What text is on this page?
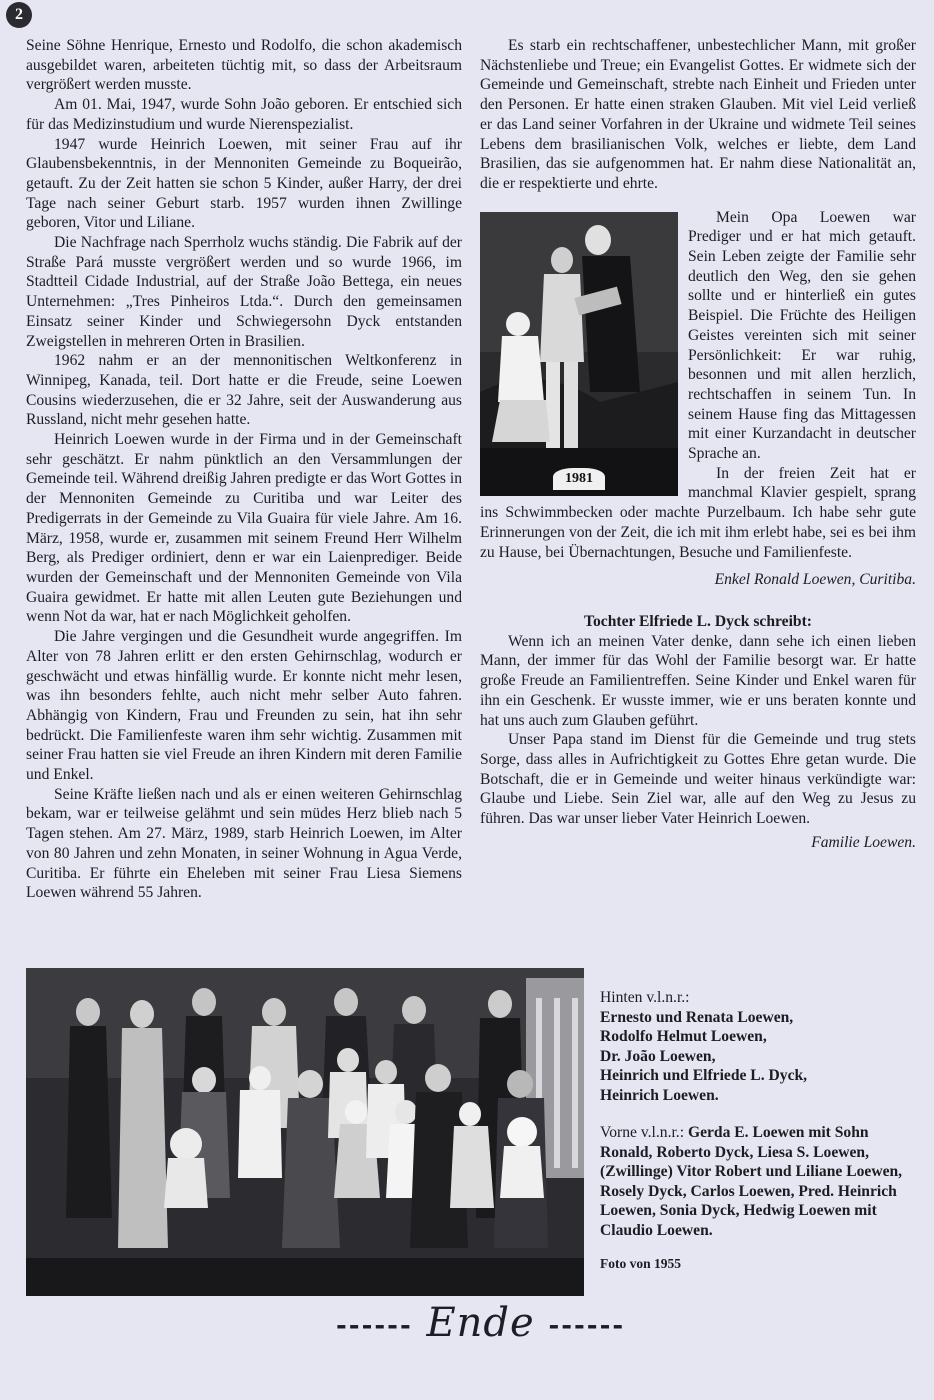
2

Seine Söhne Henrique, Ernesto und Rodolfo, die schon akademisch ausgebildet waren, arbeiteten tüchtig mit, so dass der Arbeitsraum vergrößert werden musste.

Am 01. Mai, 1947, wurde Sohn João geboren. Er entschied sich für das Medizinstudium und wurde Nierenspezialist.

1947 wurde Heinrich Loewen, mit seiner Frau auf ihr Glaubensbekenntnis, in der Mennoniten Gemeinde zu Boqueirão, getauft. Zu der Zeit hatten sie schon 5 Kinder, außer Harry, der drei Tage nach seiner Geburt starb. 1957 wurden ihnen Zwillinge geboren, Vitor und Liliane.

Die Nachfrage nach Sperrholz wuchs ständig. Die Fabrik auf der Straße Pará musste vergrößert werden und so wurde 1966, im Stadtteil Cidade Industrial, auf der Straße João Bettega, ein neues Unternehmen: „Tres Pinheiros Ltda.“. Durch den gemeinsamen Einsatz seiner Kinder und Schwiegersohn Dyck entstanden Zweigstellen in mehreren Orten in Brasilien.

1962 nahm er an der mennonitischen Weltkonferenz in Winnipeg, Kanada, teil. Dort hatte er die Freude, seine Loewen Cousins wiederzusehen, die er 32 Jahre, seit der Auswanderung aus Russland, nicht mehr gesehen hatte.

Heinrich Loewen wurde in der Firma und in der Gemeinschaft sehr geschätzt. Er nahm pünktlich an den Versammlungen der Gemeinde teil. Während dreißig Jahren predigte er das Wort Gottes in der Mennoniten Gemeinde zu Curitiba und war Leiter des Predigerrats in der Gemeinde zu Vila Guaira für viele Jahre. Am 16. März, 1958, wurde er, zusammen mit seinem Freund Herr Wilhelm Berg, als Prediger ordiniert, denn er war ein Laienprediger. Beide wurden der Gemeinschaft und der Mennoniten Gemeinde von Vila Guaira gewidmet. Er hatte mit allen Leuten gute Beziehungen und wenn Not da war, hat er nach Möglichkeit geholfen.

Die Jahre vergingen und die Gesundheit wurde angegriffen. Im Alter von 78 Jahren erlitt er den ersten Gehirnschlag, wodurch er geschwächt und etwas hinfällig wurde. Er konnte nicht mehr lesen, was ihn besonders fehlte, auch nicht mehr selber Auto fahren. Abhängig von Kindern, Frau und Freunden zu sein, hat ihn sehr bedrückt. Die Familienfeste waren ihm sehr wichtig. Zusammen mit seiner Frau hatten sie viel Freude an ihren Kindern mit deren Familie und Enkel.

Seine Kräfte ließen nach und als er einen weiteren Gehirnschlag bekam, war er teilweise gelähmt und sein müdes Herz blieb nach 5 Tagen stehen. Am 27. März, 1989, starb Heinrich Loewen, im Alter von 80 Jahren und zehn Monaten, in seiner Wohnung in Agua Verde, Curitiba. Er führte ein Eheleben mit seiner Frau Liesa Siemens Loewen während 55 Jahren.

Es starb ein rechtschaffener, unbestechlicher Mann, mit großer Nächstenliebe und Treue; ein Evangelist Gottes. Er widmete sich der Gemeinde und Gemeinschaft, strebte nach Einheit und Frieden unter den Personen. Er hatte einen straken Glauben. Mit viel Leid verließ er das Land seiner Vorfahren in der Ukraine und widmete Teil seines Lebens dem brasilianischen Volk, welches er liebte, dem Land Brasilien, das sie aufgenommen hat. Er nahm diese Nationalität an, die er respektierte und ehrte.

1981

Mein Opa Loewen war Prediger und er hat mich getauft. Sein Leben zeigte der Familie sehr deutlich den Weg, den sie gehen sollte und er hinterließ ein gutes Beispiel. Die Früchte des Heiligen Geistes vereinten sich mit seiner Persönlichkeit: Er war ruhig, besonnen und mit allen herzlich, rechtschaffen in seinem Tun. In seinem Hause fing das Mittagessen mit einer Kurzandacht in deutscher Sprache an.

In der freien Zeit hat er manchmal Klavier gespielt, sprang ins Schwimmbecken oder machte Purzelbaum. Ich habe sehr gute Erinnerungen von der Zeit, die ich mit ihm erlebt habe, sei es bei ihm zu Hause, bei Übernachtungen, Besuche und Familienfeste.

Enkel Ronald Loewen, Curitiba.

Tochter Elfriede L. Dyck schreibt:

Wenn ich an meinen Vater denke, dann sehe ich einen lieben Mann, der immer für das Wohl der Familie besorgt war. Er hatte große Freude an Familientreffen. Seine Kinder und Enkel waren für ihn ein Geschenk. Er wusste immer, wie er uns beraten konnte und hat uns auch zum Glauben geführt.

Unser Papa stand im Dienst für die Gemeinde und trug stets Sorge, dass alles in Aufrichtigkeit zu Gottes Ehre getan wurde. Die Botschaft, die er in Gemeinde und weiter hinaus verkündigte war: Glaube und Liebe. Sein Ziel war, alle auf den Weg zu Jesus zu führen. Das war unser lieber Vater Heinrich Loewen.

Familie Loewen.

Hinten v.l.n.r.:
Ernesto und Renata Loewen,
Rodolfo Helmut Loewen,
Dr. João Loewen,
Heinrich und Elfriede L. Dyck,
Heinrich Loewen.
Vorne v.l.n.r.: Gerda E. Loewen mit Sohn Ronald, Roberto Dyck, Liesa S. Loewen, (Zwillinge) Vitor Robert und Liliane Loewen, Rosely Dyck, Carlos Loewen, Pred. Heinrich Loewen, Sonia Dyck, Hedwig Loewen mit Claudio Loewen.
Foto von 1955
------ Ende ------
